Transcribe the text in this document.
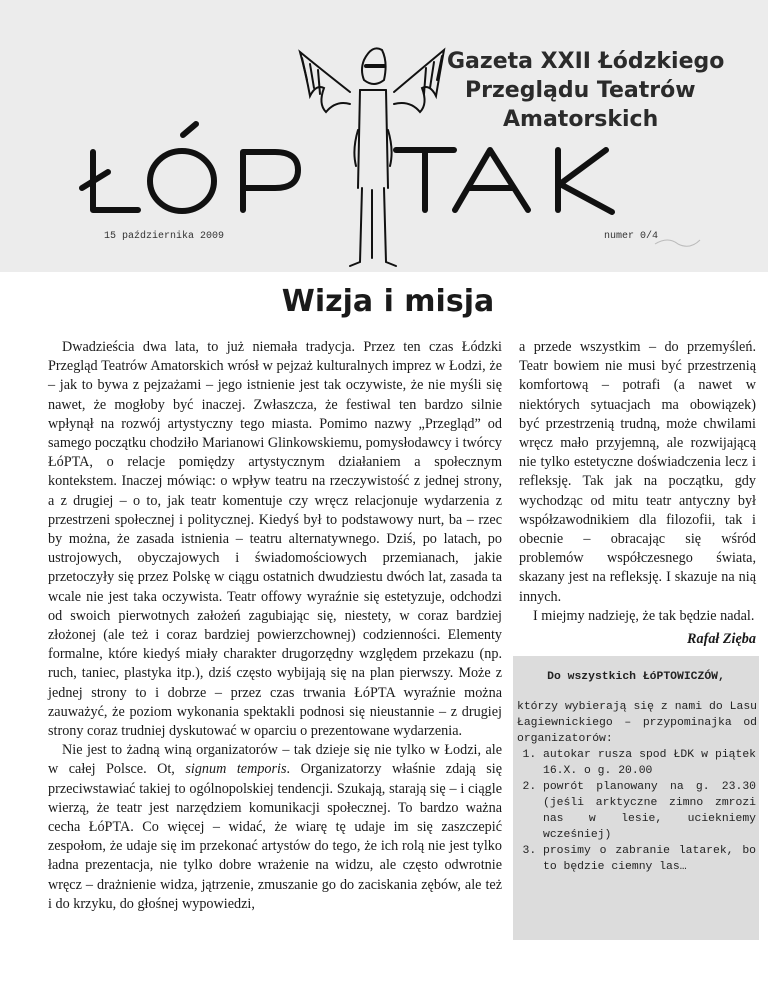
Gazeta XXII Łódzkiego
Przeglądu Teatrów
Amatorskich
15 października 2009	numer 0/4
Wizja i misja

Dwadzieścia dwa lata, to już niemała tradycja. Przez ten czas Łódzki Przegląd Teatrów Amatorskich wrósł w pejzaż kulturalnych imprez w Łodzi, że – jak to bywa z pejzażami – jego istnienie jest tak oczywiste, że nie myśli się nawet, że mogłoby być inaczej. Zwłaszcza, że festiwal ten bardzo silnie wpłynął na rozwój artystyczny tego miasta. Pomimo nazwy „Przegląd” od samego początku chodziło Marianowi Glinkowskiemu, pomysłodawcy i twórcy ŁóPTA, o relacje pomiędzy artystycznym działaniem a społecznym kontekstem. Inaczej mówiąc: o wpływ teatru na rzeczywistość z jednej strony, a z drugiej – o to, jak teatr komentuje czy wręcz relacjonuje wydarzenia z przestrzeni społecznej i politycznej. Kiedyś był to podstawowy nurt, ba – rzec by można, że zasada istnienia – teatru alternatywnego. Dziś, po latach, po ustrojowych, obyczajowych i świadomościowych przemianach, jakie przetoczyły się przez Polskę w ciągu ostatnich dwudziestu dwóch lat, zasada ta wcale nie jest taka oczywista. Teatr offowy wyraźnie się estetyzuje, odchodzi od swoich pierwotnych założeń zagubiając się, niestety, w coraz bardziej złożonej (ale też i coraz bardziej powierzchownej) codzienności. Elementy formalne, które kiedyś miały charakter drugorzędny względem przekazu (np. ruch, taniec, plastyka itp.), dziś często wybijają się na plan pierwszy. Może z jednej strony to i dobrze – przez czas trwania ŁóPTA wyraźnie można zauważyć, że poziom wykonania spektakli podnosi się nieustannie – z drugiej strony coraz trudniej dyskutować w oparciu o prezentowane wydarzenia.

Nie jest to żadną winą organizatorów – tak dzieje się nie tylko w Łodzi, ale w całej Polsce. Ot, signum temporis. Organizatorzy właśnie zdają się przeciwstawiać takiej to ogólnopolskiej tendencji. Szukają, starają się – i ciągle wierzą, że teatr jest narzędziem komunikacji społecznej. To bardzo ważna cecha ŁóPTA. Co więcej – widać, że wiarę tę udaje im się zaszczepić zespołom, że udaje się im przekonać artystów do tego, że ich rolą nie jest tylko ładna prezentacja, nie tylko dobre wrażenie na widzu, ale często odwrotnie wręcz – drażnienie widza, jątrzenie, zmuszanie go do zaciskania zębów, ale też i do krzyku, do głośnej wypowiedzi,

a przede wszystkim – do przemyśleń. Teatr bowiem nie musi być przestrzenią komfortową – potrafi (a nawet w niektórych sytuacjach ma obowiązek) być przestrzenią trudną, może chwilami wręcz mało przyjemną, ale rozwijającą nie tylko estetyczne doświadczenia lecz i refleksję. Tak jak na początku, gdy wychodząc od mitu teatr antyczny był współzawodnikiem dla filozofii, tak i obecnie – obracając się wśród problemów współczesnego świata, skazany jest na refleksję. I skazuje na nią innych.

I miejmy nadzieję, że tak będzie nadal.

Rafał Zięba
Do wszystkich ŁóPTOWICZÓW,
którzy wybierają się z nami do Lasu Łagiewnickiego – przypominajka od organizatorów:
1. autokar rusza spod ŁDK w piątek 16.X. o g. 20.00
2. powrót planowany na g. 23.30 (jeśli arktyczne zimno zmrozi nas w lesie, uciekniemy wcześniej)
3. prosimy o zabranie latarek, bo to będzie ciemny las…
